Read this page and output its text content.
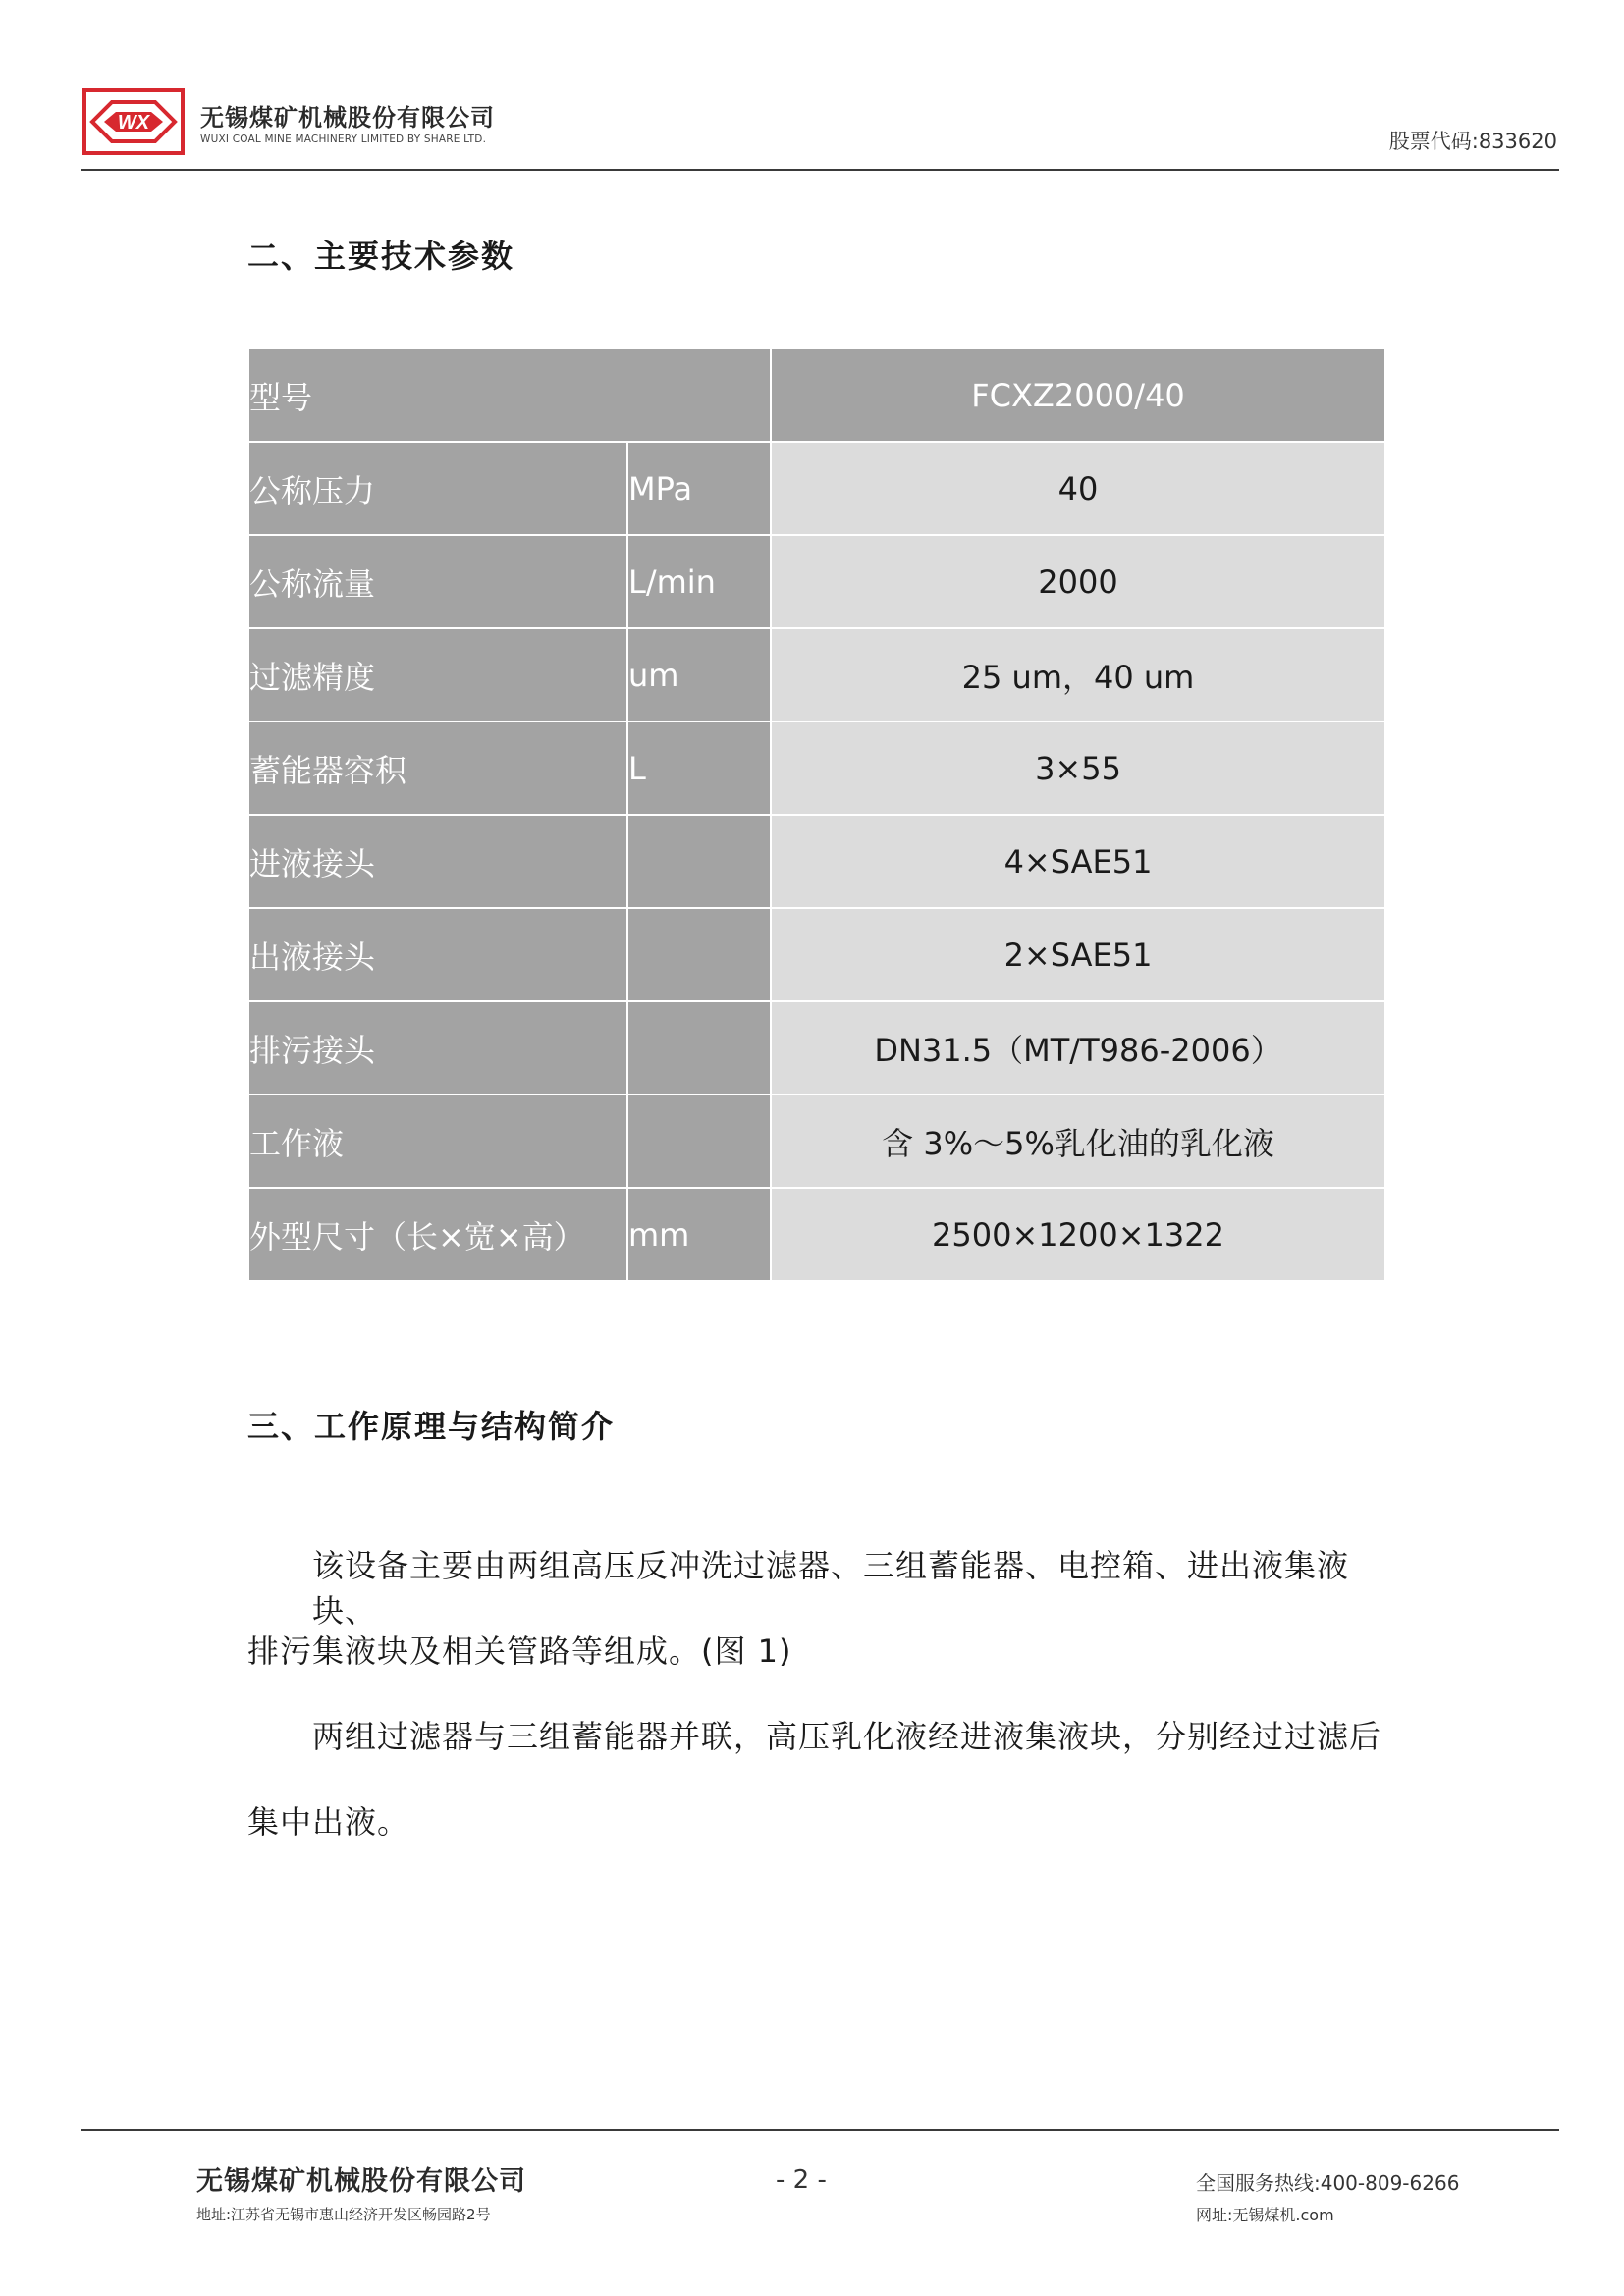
WX 无锡煤矿机械股份有限公司
WUXI COAL MINE MACHINERY LIMITED BY SHARE LTD.	股票代码:833620
二、主要技术参数
型号		FCXZ2000/40
公称压力	MPa	40
公称流量	L/min	2000
过滤精度	um	25 um，40 um
蓄能器容积	L	3×55
进液接头		4×SAE51
出液接头		2×SAE51
排污接头		DN31.5（MT/T986-2006）
工作液		含 3%～5%乳化油的乳化液
外型尺寸（长×宽×高）	mm	2500×1200×1322
三、工作原理与结构简介
该设备主要由两组高压反冲洗过滤器、三组蓄能器、电控箱、进出液集液块、
排污集液块及相关管路等组成。(图 1)
两组过滤器与三组蓄能器并联，高压乳化液经进液集液块，分别经过过滤后
集中出液。
无锡煤矿机械股份有限公司
地址:江苏省无锡市惠山经济开发区畅园路2号
- 2 -	全国服务热线:400-809-6266
网址:无锡煤机.com
